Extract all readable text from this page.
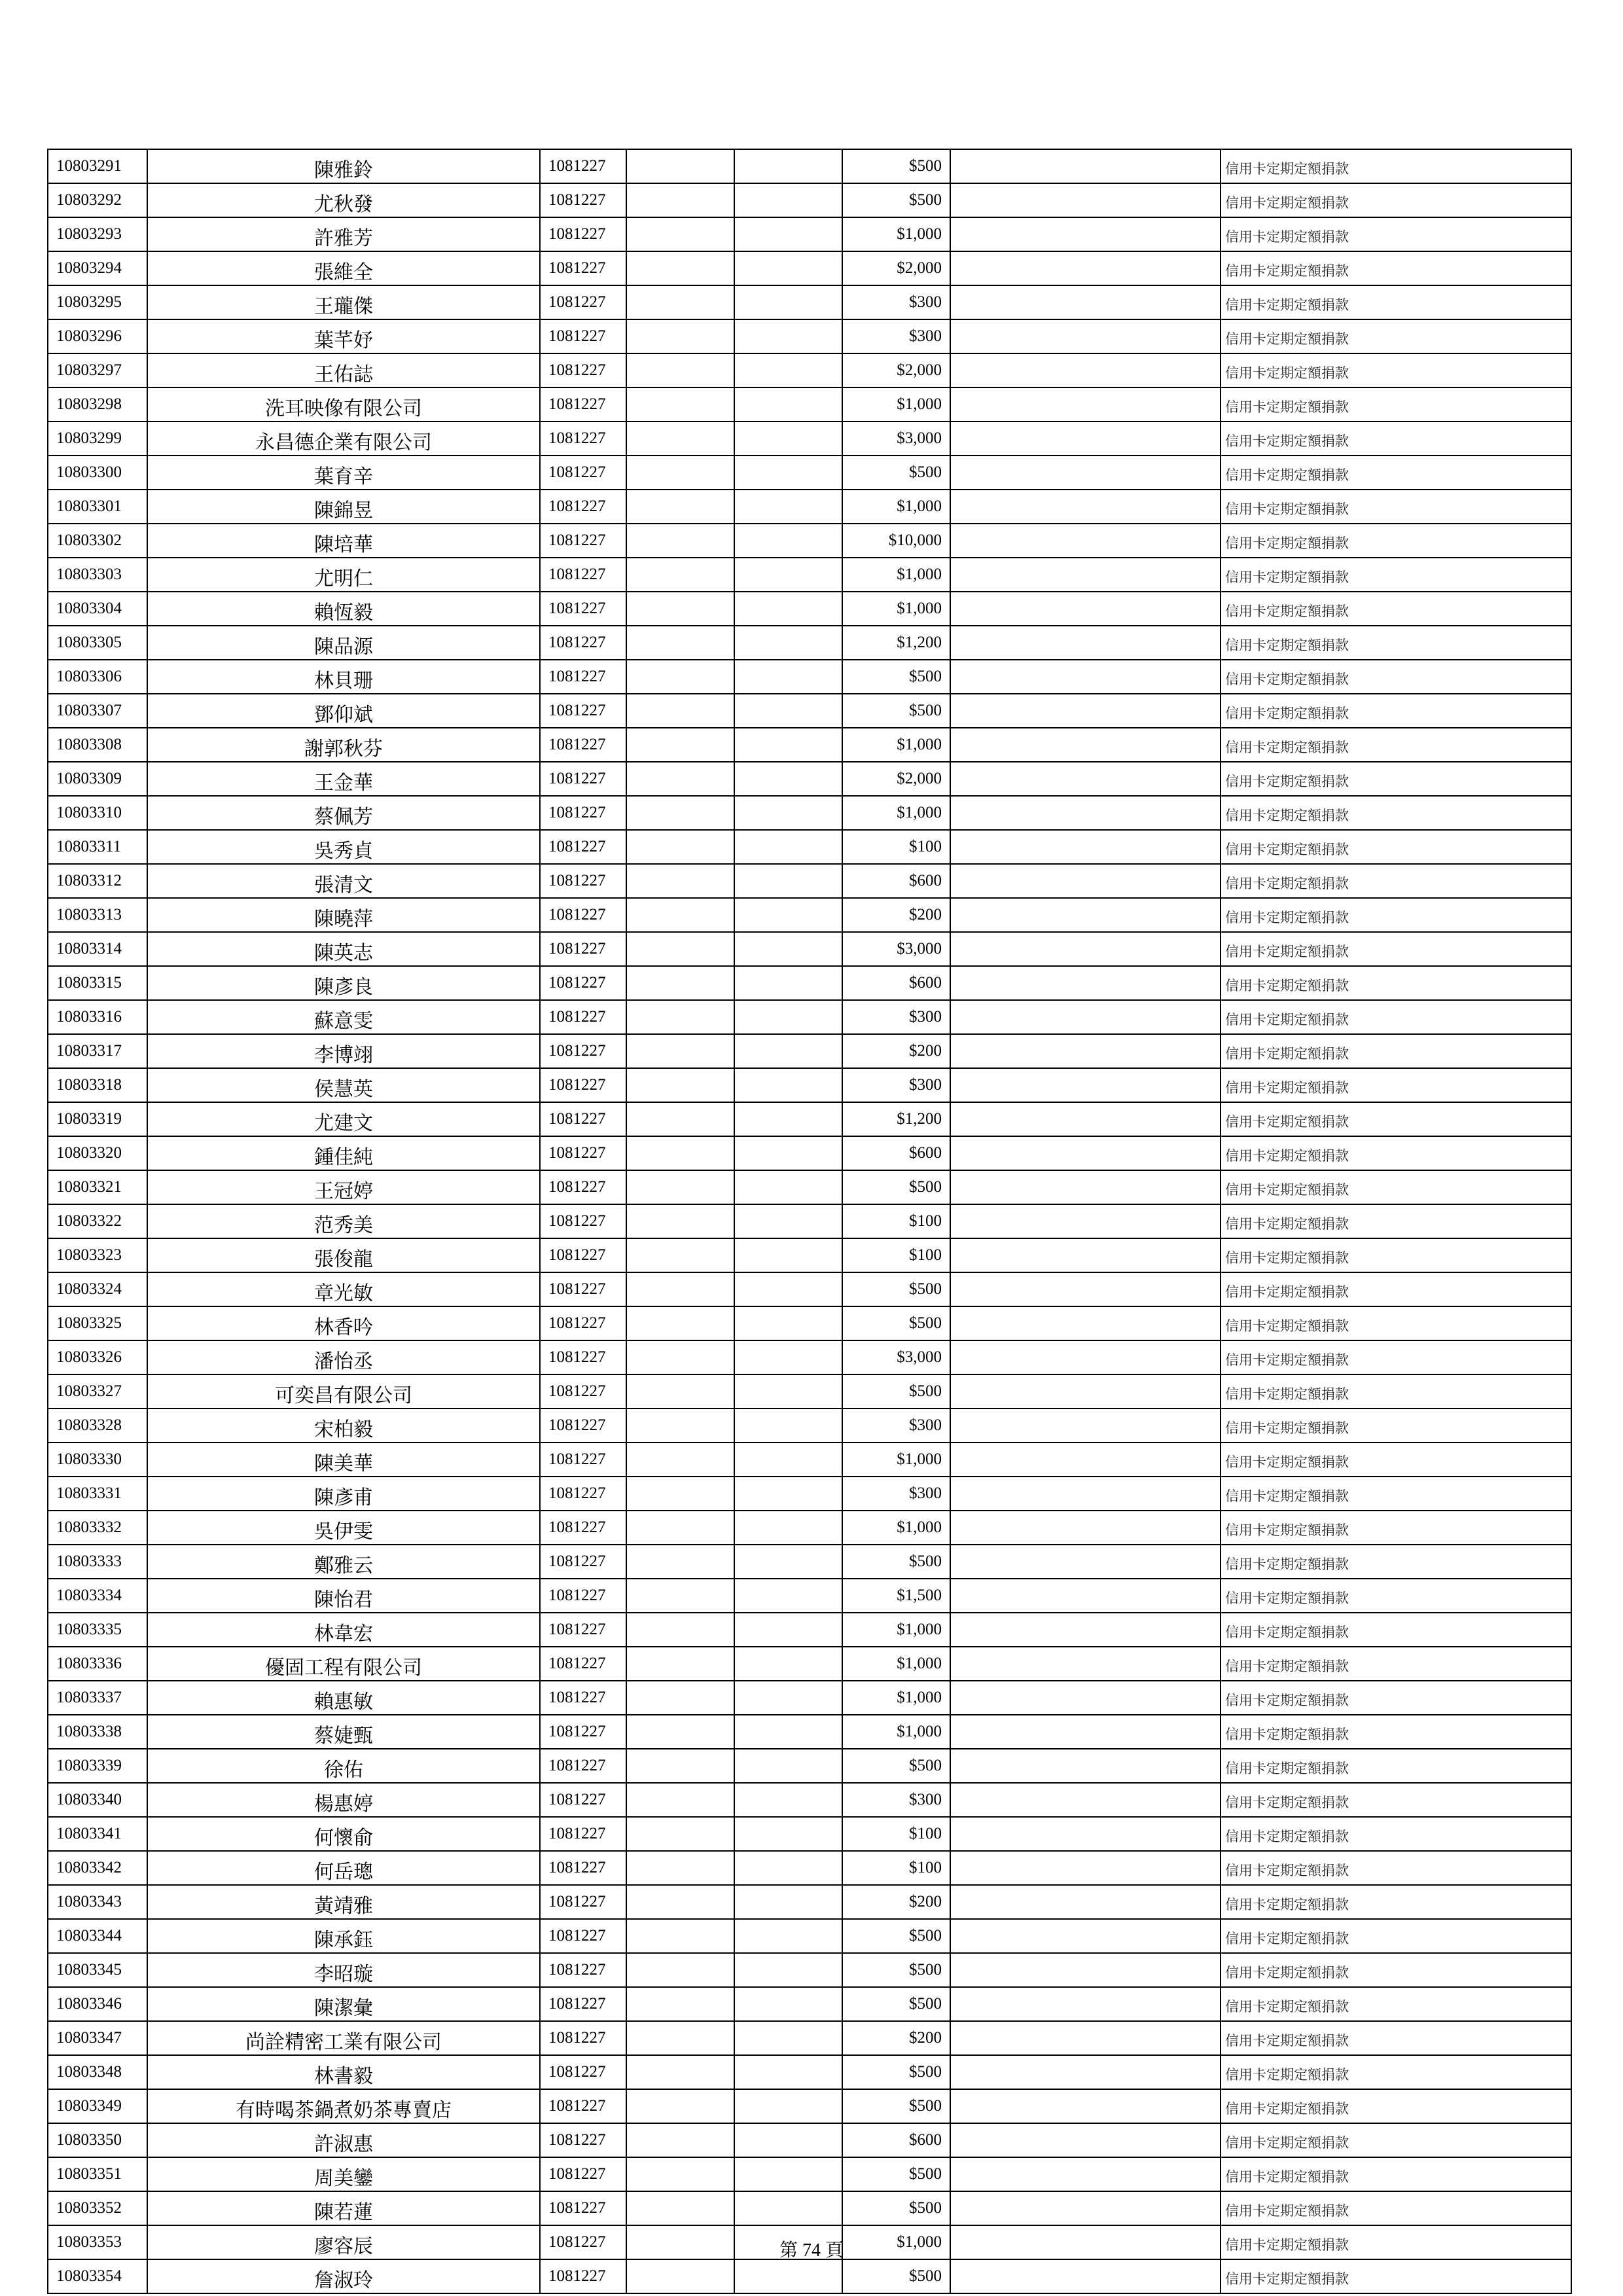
10803291	陳雅鈴	1081227			$500		信用卡定期定額捐款
10803292	尤秋發	1081227			$500		信用卡定期定額捐款
10803293	許雅芳	1081227			$1,000		信用卡定期定額捐款
10803294	張維全	1081227			$2,000		信用卡定期定額捐款
10803295	王瓏傑	1081227			$300		信用卡定期定額捐款
10803296	葉芊妤	1081227			$300		信用卡定期定額捐款
10803297	王佑誌	1081227			$2,000		信用卡定期定額捐款
10803298	洗耳映像有限公司	1081227			$1,000		信用卡定期定額捐款
10803299	永昌德企業有限公司	1081227			$3,000		信用卡定期定額捐款
10803300	葉育辛	1081227			$500		信用卡定期定額捐款
10803301	陳錦昱	1081227			$1,000		信用卡定期定額捐款
10803302	陳培華	1081227			$10,000		信用卡定期定額捐款
10803303	尤明仁	1081227			$1,000		信用卡定期定額捐款
10803304	賴恆毅	1081227			$1,000		信用卡定期定額捐款
10803305	陳品源	1081227			$1,200		信用卡定期定額捐款
10803306	林貝珊	1081227			$500		信用卡定期定額捐款
10803307	鄧仰斌	1081227			$500		信用卡定期定額捐款
10803308	謝郭秋芬	1081227			$1,000		信用卡定期定額捐款
10803309	王金華	1081227			$2,000		信用卡定期定額捐款
10803310	蔡佩芳	1081227			$1,000		信用卡定期定額捐款
10803311	吳秀貞	1081227			$100		信用卡定期定額捐款
10803312	張清文	1081227			$600		信用卡定期定額捐款
10803313	陳曉萍	1081227			$200		信用卡定期定額捐款
10803314	陳英志	1081227			$3,000		信用卡定期定額捐款
10803315	陳彥良	1081227			$600		信用卡定期定額捐款
10803316	蘇意雯	1081227			$300		信用卡定期定額捐款
10803317	李博翊	1081227			$200		信用卡定期定額捐款
10803318	侯慧英	1081227			$300		信用卡定期定額捐款
10803319	尤建文	1081227			$1,200		信用卡定期定額捐款
10803320	鍾佳純	1081227			$600		信用卡定期定額捐款
10803321	王冠婷	1081227			$500		信用卡定期定額捐款
10803322	范秀美	1081227			$100		信用卡定期定額捐款
10803323	張俊龍	1081227			$100		信用卡定期定額捐款
10803324	章光敏	1081227			$500		信用卡定期定額捐款
10803325	林香吟	1081227			$500		信用卡定期定額捐款
10803326	潘怡丞	1081227			$3,000		信用卡定期定額捐款
10803327	可奕昌有限公司	1081227			$500		信用卡定期定額捐款
10803328	宋柏毅	1081227			$300		信用卡定期定額捐款
10803330	陳美華	1081227			$1,000		信用卡定期定額捐款
10803331	陳彥甫	1081227			$300		信用卡定期定額捐款
10803332	吳伊雯	1081227			$1,000		信用卡定期定額捐款
10803333	鄭雅云	1081227			$500		信用卡定期定額捐款
10803334	陳怡君	1081227			$1,500		信用卡定期定額捐款
10803335	林韋宏	1081227			$1,000		信用卡定期定額捐款
10803336	優固工程有限公司	1081227			$1,000		信用卡定期定額捐款
10803337	賴惠敏	1081227			$1,000		信用卡定期定額捐款
10803338	蔡婕甄	1081227			$1,000		信用卡定期定額捐款
10803339	徐佑	1081227			$500		信用卡定期定額捐款
10803340	楊惠婷	1081227			$300		信用卡定期定額捐款
10803341	何懷俞	1081227			$100		信用卡定期定額捐款
10803342	何岳璁	1081227			$100		信用卡定期定額捐款
10803343	黃靖雅	1081227			$200		信用卡定期定額捐款
10803344	陳承鈺	1081227			$500		信用卡定期定額捐款
10803345	李昭璇	1081227			$500		信用卡定期定額捐款
10803346	陳潔彙	1081227			$500		信用卡定期定額捐款
10803347	尚詮精密工業有限公司	1081227			$200		信用卡定期定額捐款
10803348	林書毅	1081227			$500		信用卡定期定額捐款
10803349	有時喝茶鍋煮奶茶專賣店	1081227			$500		信用卡定期定額捐款
10803350	許淑惠	1081227			$600		信用卡定期定額捐款
10803351	周美鑾	1081227			$500		信用卡定期定額捐款
10803352	陳若蓮	1081227			$500		信用卡定期定額捐款
10803353	廖容辰	1081227			$1,000		信用卡定期定額捐款
10803354	詹淑玲	1081227			$500		信用卡定期定額捐款
第 74 頁
